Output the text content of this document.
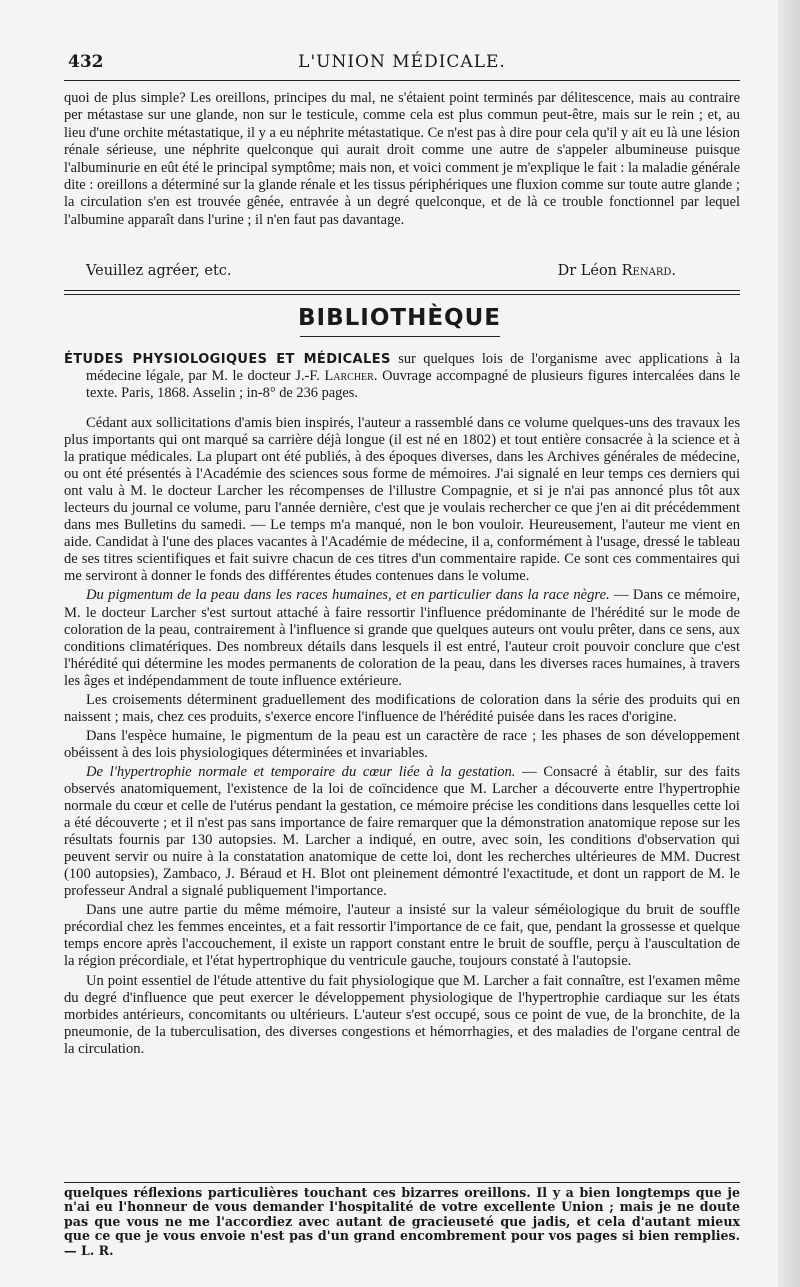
432	L'UNION MÉDICALE.

quoi de plus simple? Les oreillons, principes du mal, ne s'étaient point terminés par délitescence, mais au contraire per métastase sur une glande, non sur le testicule, comme cela est plus commun peut-être, mais sur le rein ; et, au lieu d'une orchite métastatique, il y a eu néphrite métastatique. Ce n'est pas à dire pour cela qu'il y ait eu là une lésion rénale sérieuse, une néphrite quelconque qui aurait droit comme une autre de s'appeler albumineuse puisque l'albuminurie en eût été le principal symptôme; mais non, et voici comment je m'explique le fait : la maladie générale dite : oreillons a déterminé sur la glande rénale et les tissus périphériques une fluxion comme sur toute autre glande ; la circulation s'en est trouvée gênée, entravée à un degré quelconque, et de là ce trouble fonctionnel par lequel l'albumine apparaît dans l'urine ; il n'en faut pas davantage.

Veuillez agréer, etc.	Dr Léon Renard.
BIBLIOTHÈQUE

ÉTUDES PHYSIOLOGIQUES ET MÉDICALES sur quelques lois de l'organisme avec applications à la médecine légale, par M. le docteur J.-F. Larcher. Ouvrage accompagné de plusieurs figures intercalées dans le texte. Paris, 1868. Asselin ; in-8° de 236 pages.

Cédant aux sollicitations d'amis bien inspirés, l'auteur a rassemblé dans ce volume quelques-uns des travaux les plus importants qui ont marqué sa carrière déjà longue (il est né en 1802) et tout entière consacrée à la science et à la pratique médicales. La plupart ont été publiés, à des époques diverses, dans les Archives générales de médecine, ou ont été présentés à l'Académie des sciences sous forme de mémoires. J'ai signalé en leur temps ces derniers qui ont valu à M. le docteur Larcher les récompenses de l'illustre Compagnie, et si je n'ai pas annoncé plus tôt aux lecteurs du journal ce volume, paru l'année dernière, c'est que je voulais rechercher ce que j'en ai dit précédemment dans mes Bulletins du samedi. — Le temps m'a manqué, non le bon vouloir. Heureusement, l'auteur me vient en aide. Candidat à l'une des places vacantes à l'Académie de médecine, il a, conformément à l'usage, dressé le tableau de ses titres scientifiques et fait suivre chacun de ces titres d'un commentaire rapide. Ce sont ces commentaires qui me serviront à donner le fonds des différentes études contenues dans le volume.

Du pigmentum de la peau dans les races humaines, et en particulier dans la race nègre. — Dans ce mémoire, M. le docteur Larcher s'est surtout attaché à faire ressortir l'influence prédominante de l'hérédité sur le mode de coloration de la peau, contrairement à l'influence si grande que quelques auteurs ont voulu prêter, dans ce sens, aux conditions climatériques. Des nombreux détails dans lesquels il est entré, l'auteur croit pouvoir conclure que c'est l'hérédité qui détermine les modes permanents de coloration de la peau, dans les diverses races humaines, à travers les âges et indépendamment de toute influence extérieure.

Les croisements déterminent graduellement des modifications de coloration dans la série des produits qui en naissent ; mais, chez ces produits, s'exerce encore l'influence de l'hérédité puisée dans les races d'origine.

Dans l'espèce humaine, le pigmentum de la peau est un caractère de race ; les phases de son développement obéissent à des lois physiologiques déterminées et invariables.

De l'hypertrophie normale et temporaire du cœur liée à la gestation. — Consacré à établir, sur des faits observés anatomiquement, l'existence de la loi de coïncidence que M. Larcher a découverte entre l'hypertrophie normale du cœur et celle de l'utérus pendant la gestation, ce mémoire précise les conditions dans lesquelles cette loi a été découverte ; et il n'est pas sans importance de faire remarquer que la démonstration anatomique repose sur les résultats fournis par 130 autopsies. M. Larcher a indiqué, en outre, avec soin, les conditions d'observation qui peuvent servir ou nuire à la constatation anatomique de cette loi, dont les recherches ultérieures de MM. Ducrest (100 autopsies), Zambaco, J. Béraud et H. Blot ont pleinement démontré l'exactitude, et dont un rapport de M. le professeur Andral a signalé publiquement l'importance.

Dans une autre partie du même mémoire, l'auteur a insisté sur la valeur séméiologique du bruit de souffle précordial chez les femmes enceintes, et a fait ressortir l'importance de ce fait, que, pendant la grossesse et quelque temps encore après l'accouchement, il existe un rapport constant entre le bruit de souffle, perçu à l'auscultation de la région précordiale, et l'état hypertrophique du ventricule gauche, toujours constaté à l'autopsie.

Un point essentiel de l'étude attentive du fait physiologique que M. Larcher a fait connaître, est l'examen même du degré d'influence que peut exercer le développement physiologique de l'hypertrophie cardiaque sur les états morbides antérieurs, concomitants ou ultérieurs. L'auteur s'est occupé, sous ce point de vue, de la bronchite, de la pneumonie, de la tuberculisation, des diverses congestions et hémorrhagies, et des maladies de l'organe central de la circulation.

quelques réflexions particulières touchant ces bizarres oreillons. Il y a bien longtemps que je n'ai eu l'honneur de vous demander l'hospitalité de votre excellente Union ; mais je ne doute pas que vous ne me l'accordiez avec autant de gracieuseté que jadis, et cela d'autant mieux que ce que je vous envoie n'est pas d'un grand encombrement pour vos pages si bien remplies. — L. R.
